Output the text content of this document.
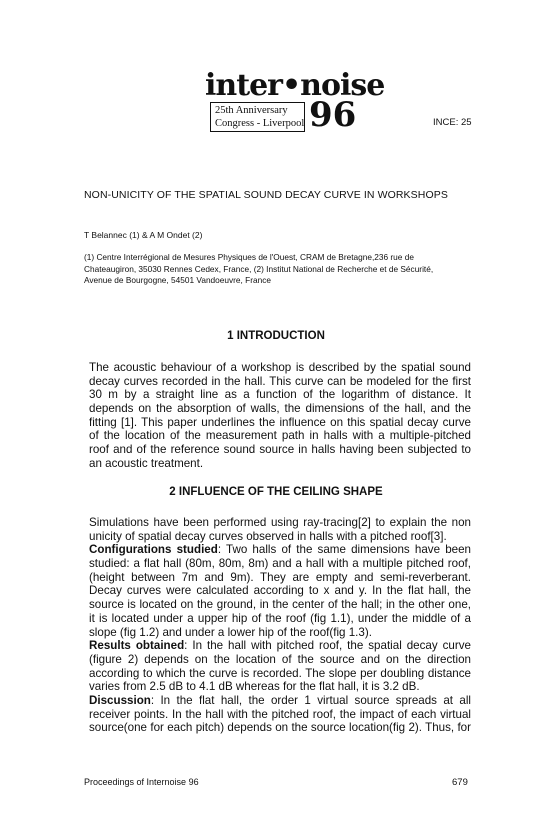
inter•noise
25th Anniversary
Congress - Liverpool 96	INCE: 25
NON-UNICITY OF THE SPATIAL SOUND DECAY CURVE IN WORKSHOPS
T Belannec (1) & A M Ondet (2)
(1) Centre Interrégional de Mesures Physiques de l'Ouest, CRAM de Bretagne,236 rue de
Chateaugiron, 35030 Rennes Cedex, France, (2) Institut National de Recherche et de Sécurité,
Avenue de Bourgogne, 54501 Vandoeuvre, France
1 INTRODUCTION
The acoustic behaviour of a workshop is described by the spatial sound
decay curves recorded in the hall. This curve can be modeled for the first
30 m by a straight line as a function of the logarithm of distance. It
depends on the absorption of walls, the dimensions of the hall, and the
fitting [1]. This paper underlines the influence on this spatial decay curve
of the location of the measurement path in halls with a multiple-pitched
roof and of the reference sound source in halls having been subjected to
an acoustic treatment.
2 INFLUENCE OF THE CEILING SHAPE
Simulations have been performed using ray-tracing[2] to explain the non
unicity of spatial decay curves observed in halls with a pitched roof[3].
Configurations studied: Two halls of the same dimensions have been
studied: a flat hall (80m, 80m, 8m) and a hall with a multiple pitched roof,
(height between 7m and 9m). They are empty and semi-reverberant.
Decay curves were calculated according to x and y. In the flat hall, the
source is located on the ground, in the center of the hall; in the other one,
it is located under a upper hip of the roof (fig 1.1), under the middle of a
slope (fig 1.2) and under a lower hip of the roof(fig 1.3).
Results obtained: In the hall with pitched roof, the spatial decay curve
(figure 2) depends on the location of the source and on the direction
according to which the curve is recorded. The slope per doubling distance
varies from 2.5 dB to 4.1 dB whereas for the flat hall, it is 3.2 dB.
Discussion: In the flat hall, the order 1 virtual source spreads at all
receiver points. In the hall with the pitched roof, the impact of each virtual
source(one for each pitch) depends on the source location(fig 2). Thus, for
Proceedings of Internoise 96	679
